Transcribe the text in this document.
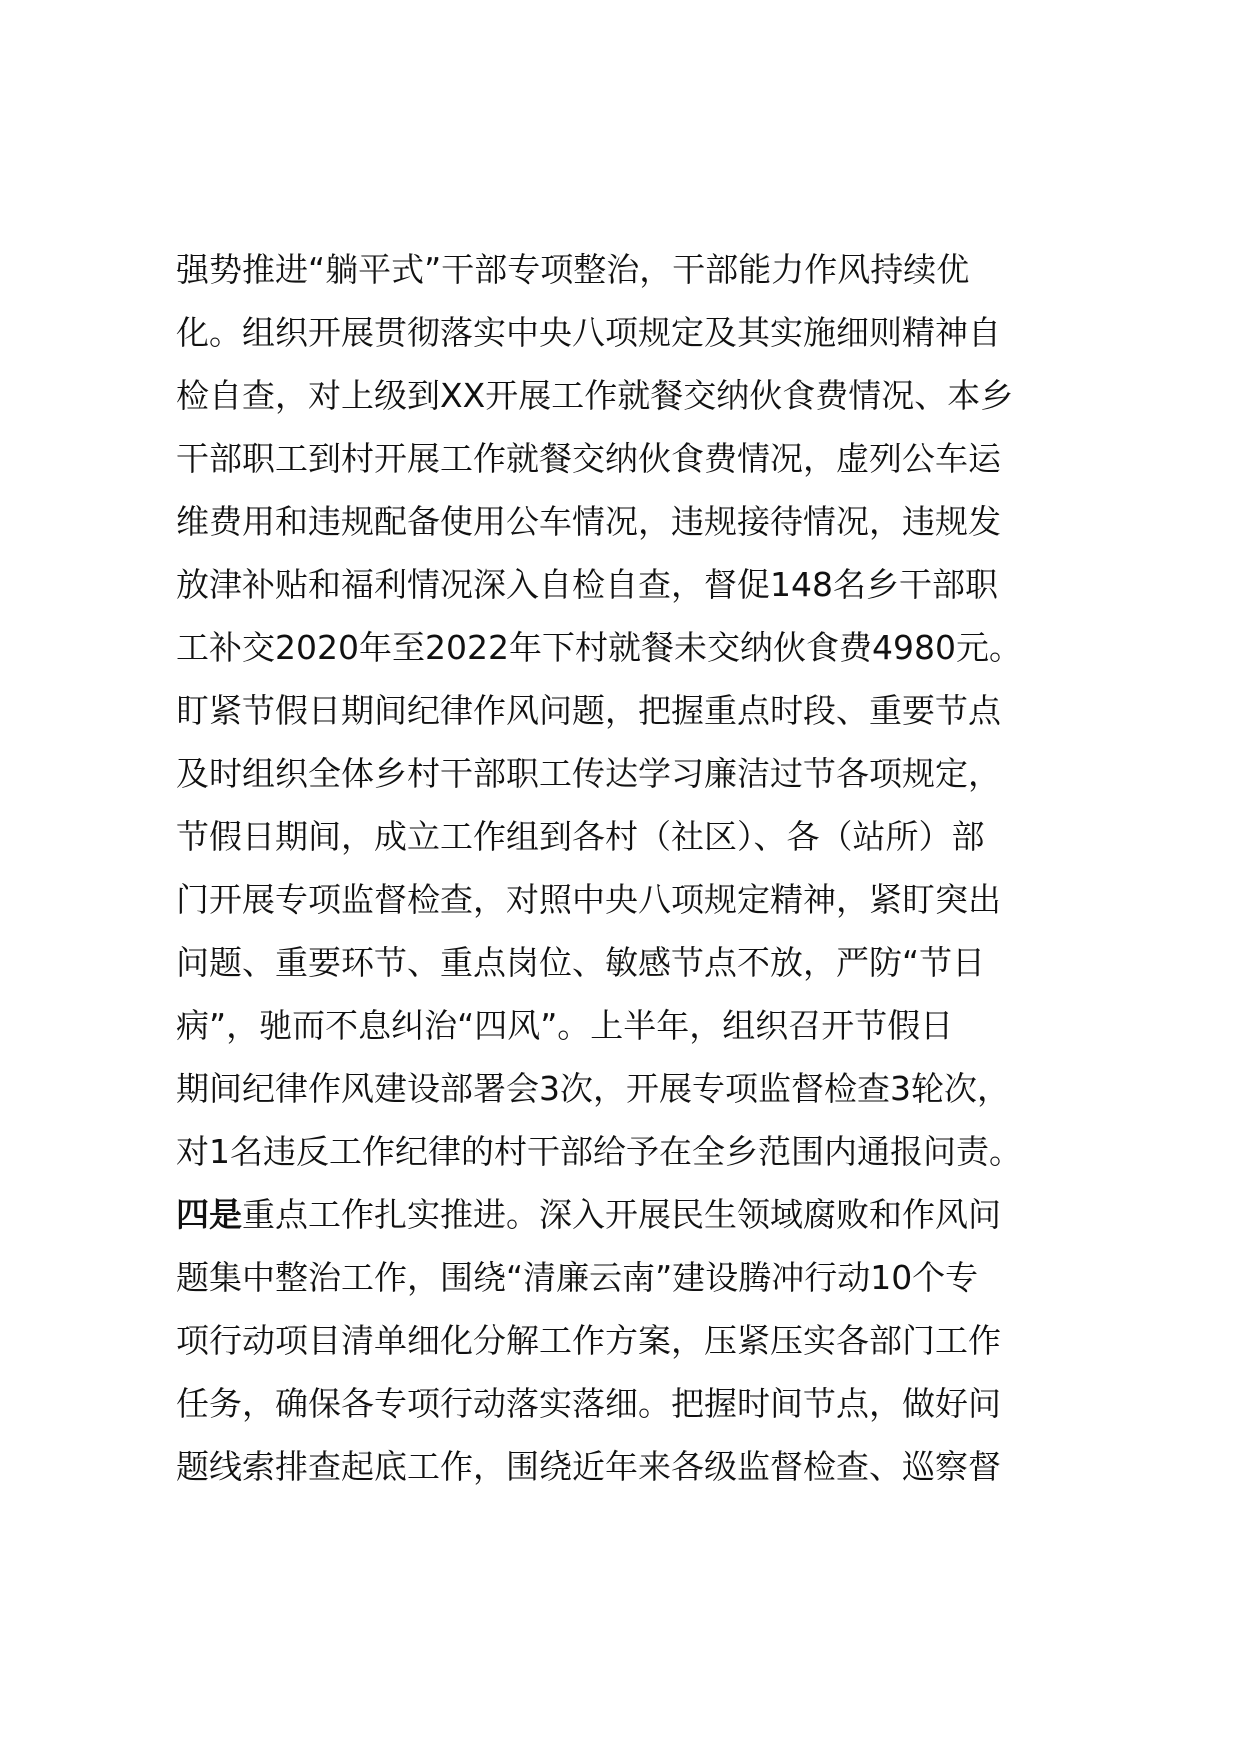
强势推进“躺平式”干部专项整治，干部能力作风持续优
化。组织开展贯彻落实中央八项规定及其实施细则精神自
检自查，对上级到XX开展工作就餐交纳伙食费情况、本乡
干部职工到村开展工作就餐交纳伙食费情况，虚列公车运
维费用和违规配备使用公车情况，违规接待情况，违规发
放津补贴和福利情况深入自检自查，督促148名乡干部职
工补交2020年至2022年下村就餐未交纳伙食费4980元。
盯紧节假日期间纪律作风问题，把握重点时段、重要节点
及时组织全体乡村干部职工传达学习廉洁过节各项规定，
节假日期间，成立工作组到各村（社区）、各（站所）部
门开展专项监督检查，对照中央八项规定精神，紧盯突出
问题、重要环节、重点岗位、敏感节点不放，严防“节日
病”，驰而不息纠治“四风”。上半年，组织召开节假日
期间纪律作风建设部署会3次，开展专项监督检查3轮次，
对1名违反工作纪律的村干部给予在全乡范围内通报问责。
四是重点工作扎实推进。深入开展民生领域腐败和作风问
题集中整治工作，围绕“清廉云南”建设腾冲行动10个专
项行动项目清单细化分解工作方案，压紧压实各部门工作
任务，确保各专项行动落实落细。把握时间节点，做好问
题线索排查起底工作，围绕近年来各级监督检查、巡察督
